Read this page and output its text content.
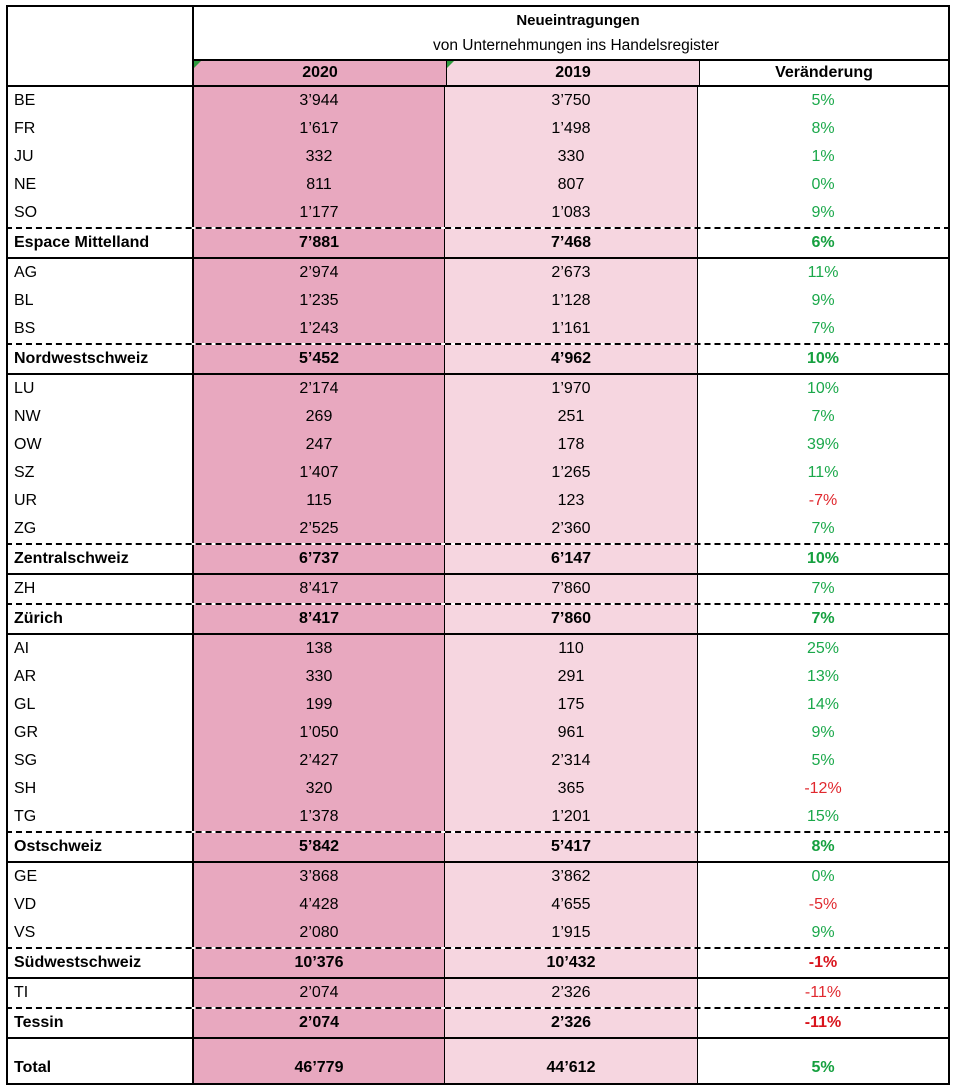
Neueintragungen
von Unternehmungen ins Handelsregister
2020	2019	Veränderung
BE	3’944	3’750	5%
FR	1’617	1’498	8%
JU	332	330	1%
NE	811	807	0%
SO	1’177	1’083	9%
Espace Mittelland	7’881	7’468	6%
AG	2’974	2’673	11%
BL	1’235	1’128	9%
BS	1’243	1’161	7%
Nordwestschweiz	5’452	4’962	10%
LU	2’174	1’970	10%
NW	269	251	7%
OW	247	178	39%
SZ	1’407	1’265	11%
UR	115	123	-7%
ZG	2’525	2’360	7%
Zentralschweiz	6’737	6’147	10%
ZH	8’417	7’860	7%
Zürich	8’417	7’860	7%
AI	138	110	25%
AR	330	291	13%
GL	199	175	14%
GR	1’050	961	9%
SG	2’427	2’314	5%
SH	320	365	-12%
TG	1’378	1’201	15%
Ostschweiz	5’842	5’417	8%
GE	3’868	3’862	0%
VD	4’428	4’655	-5%
VS	2’080	1’915	9%
Südwestschweiz	10’376	10’432	-1%
TI	2’074	2’326	-11%
Tessin	2’074	2’326	-11%
Total	46’779	44’612	5%
